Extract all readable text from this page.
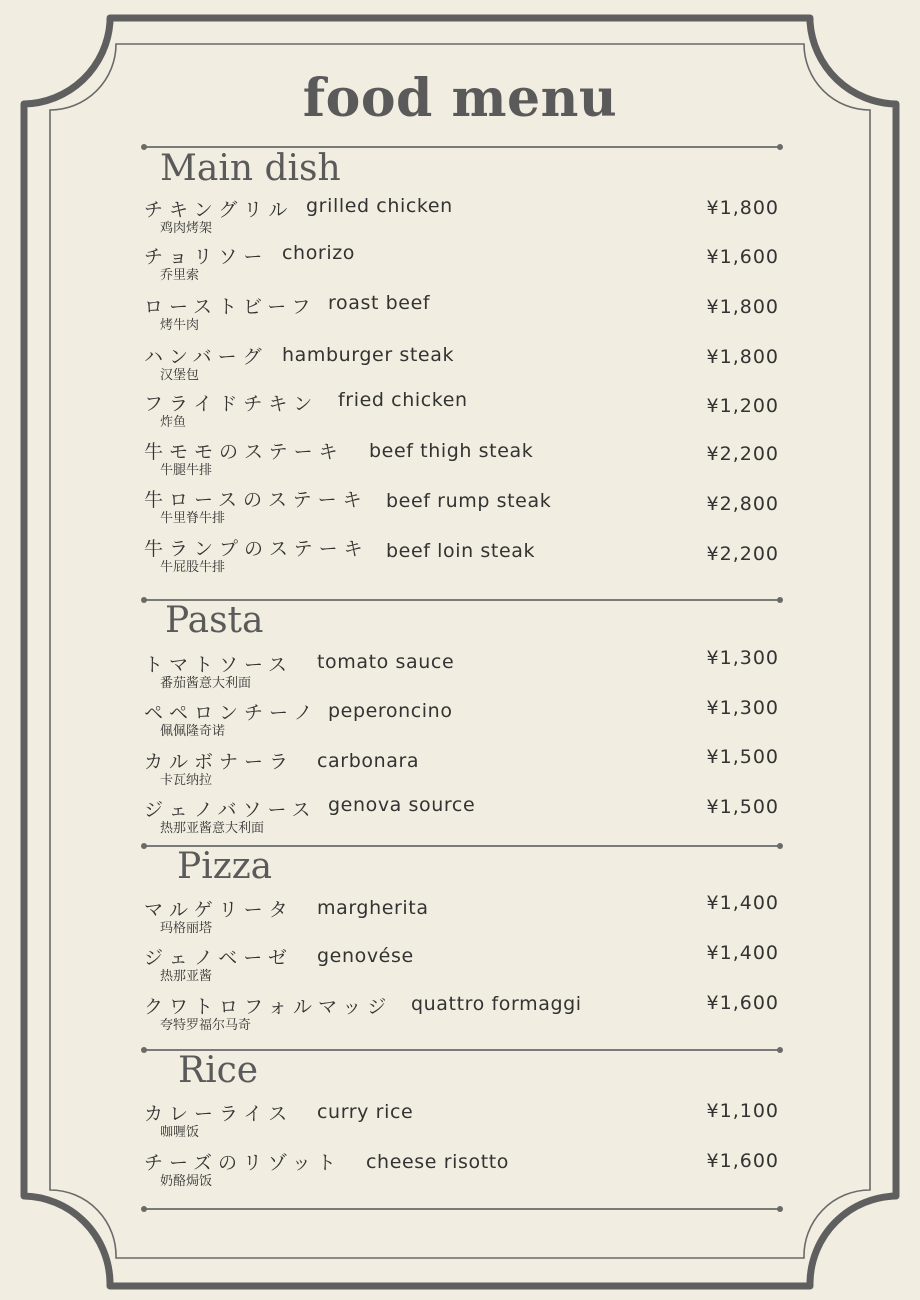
food menu
Main dish
チキングリル grilled chicken
鸡肉烤架
¥1,800
チョリソー chorizo
乔里索
¥1,600
ローストビーフ roast beef
烤牛肉
¥1,800
ハンバーグ hamburger steak
汉堡包
¥1,800
フライドチキン fried chicken
炸鱼
¥1,200
牛モモのステーキ beef thigh steak
牛腿牛排
¥2,200
牛ロースのステーキ beef rump steak
牛里脊牛排
¥2,800
牛ランプのステーキ beef loin steak
牛屁股牛排
¥2,200
Pasta
トマトソース tomato sauce
番茄酱意大利面
¥1,300
ペペロンチーノ peperoncino
佩佩隆奇诺
¥1,300
カルボナーラ carbonara
卡瓦纳拉
¥1,500
ジェノバソース genova source
热那亚酱意大利面
¥1,500
Pizza
マルゲリータ margherita
玛格丽塔
¥1,400
ジェノベーゼ genovése
热那亚酱
¥1,400
クワトロフォルマッジ quattro formaggi
夸特罗福尔马奇
¥1,600
Rice
カレーライス curry rice
咖喱饭
¥1,100
チーズのリゾット cheese risotto
奶酪焗饭
¥1,600
